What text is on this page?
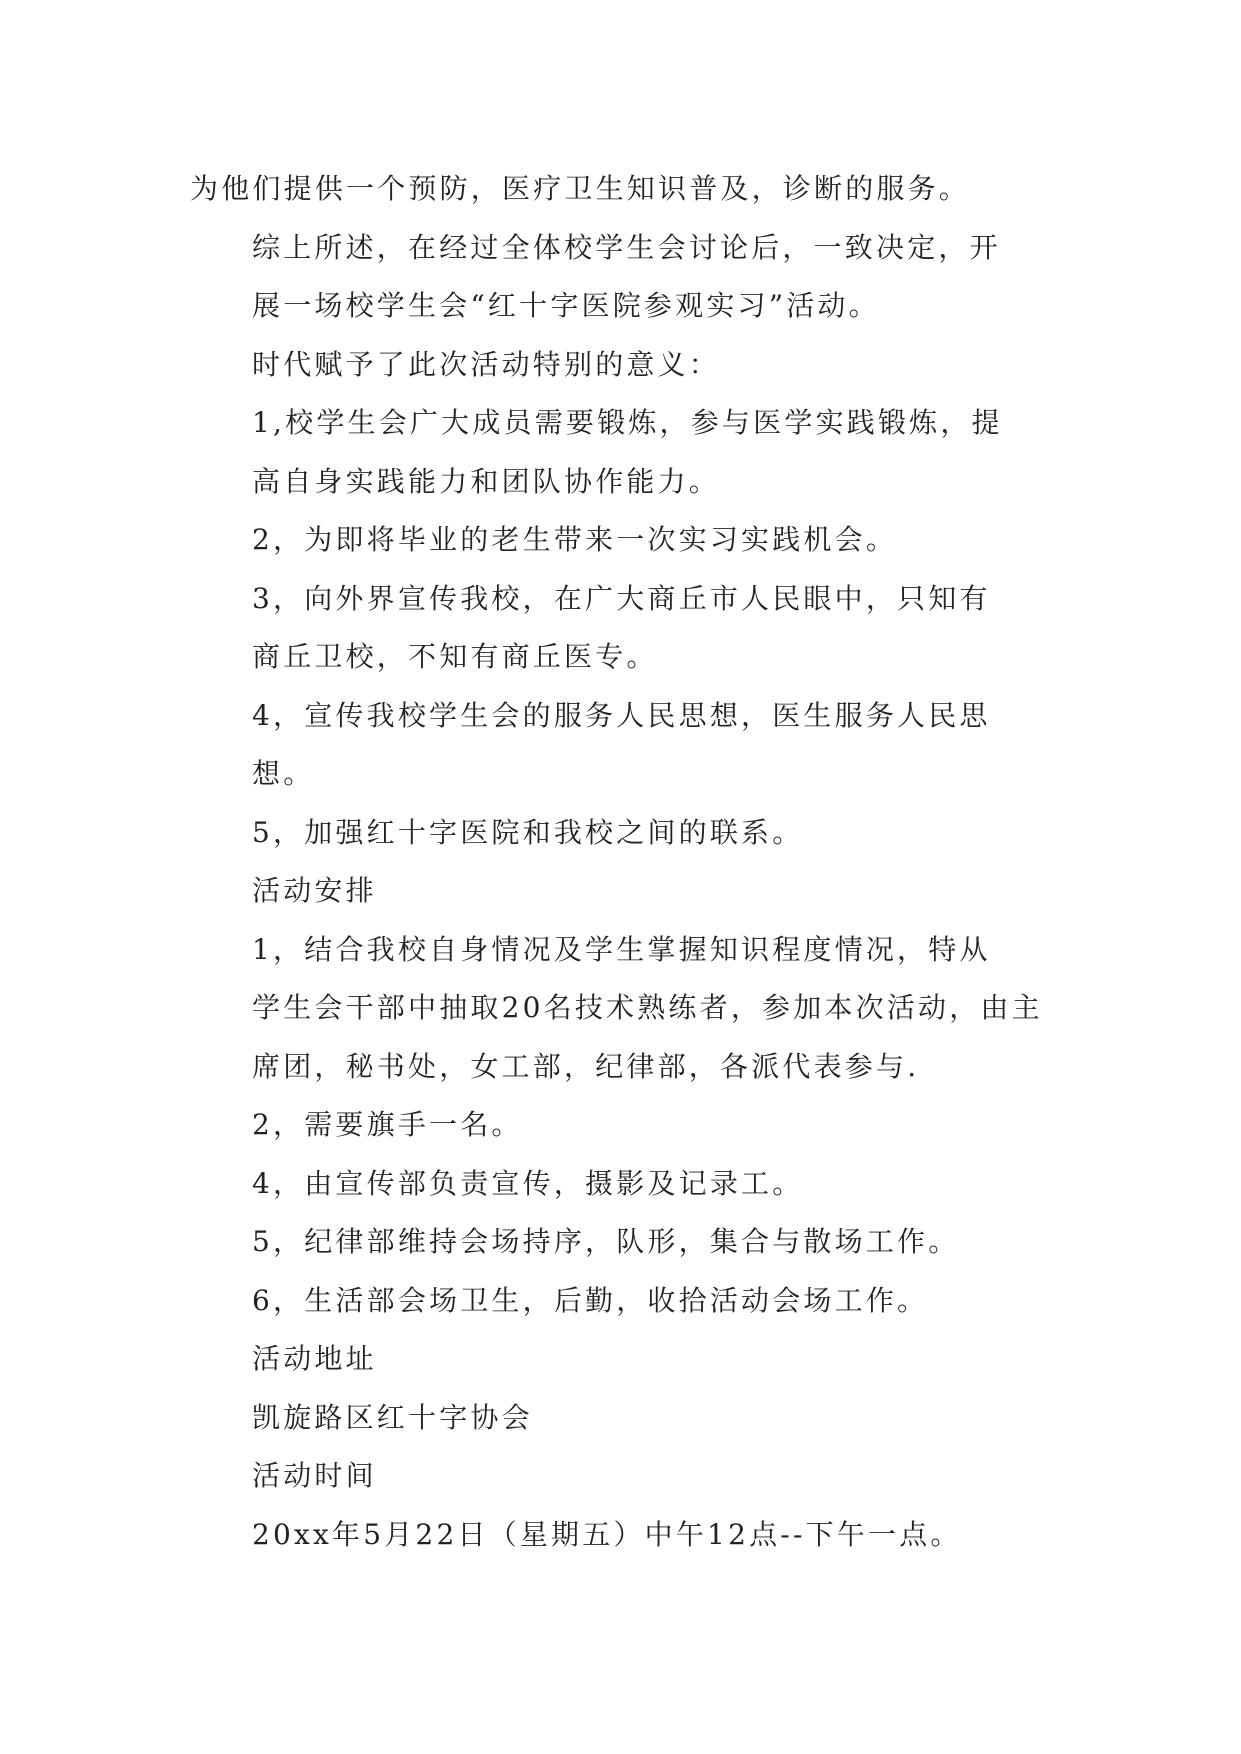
为他们提供一个预防，医疗卫生知识普及，诊断的服务。

综上所述，在经过全体校学生会讨论后，一致决定，开
展一场校学生会“红十字医院参观实习”活动。

时代赋予了此次活动特别的意义：

1,校学生会广大成员需要锻炼，参与医学实践锻炼，提
高自身实践能力和团队协作能力。

2，为即将毕业的老生带来一次实习实践机会。

3，向外界宣传我校，在广大商丘市人民眼中，只知有
商丘卫校，不知有商丘医专。

4，宣传我校学生会的服务人民思想，医生服务人民思
想。

5，加强红十字医院和我校之间的联系。

活动安排

1，结合我校自身情况及学生掌握知识程度情况，特从
学生会干部中抽取20名技术熟练者，参加本次活动，由主
席团，秘书处，女工部，纪律部，各派代表参与.

2，需要旗手一名。

4，由宣传部负责宣传，摄影及记录工。

5，纪律部维持会场持序，队形，集合与散场工作。

6，生活部会场卫生，后勤，收拾活动会场工作。

活动地址

凯旋路区红十字协会

活动时间

20xx年5月22日（星期五）中午12点--下午一点。
